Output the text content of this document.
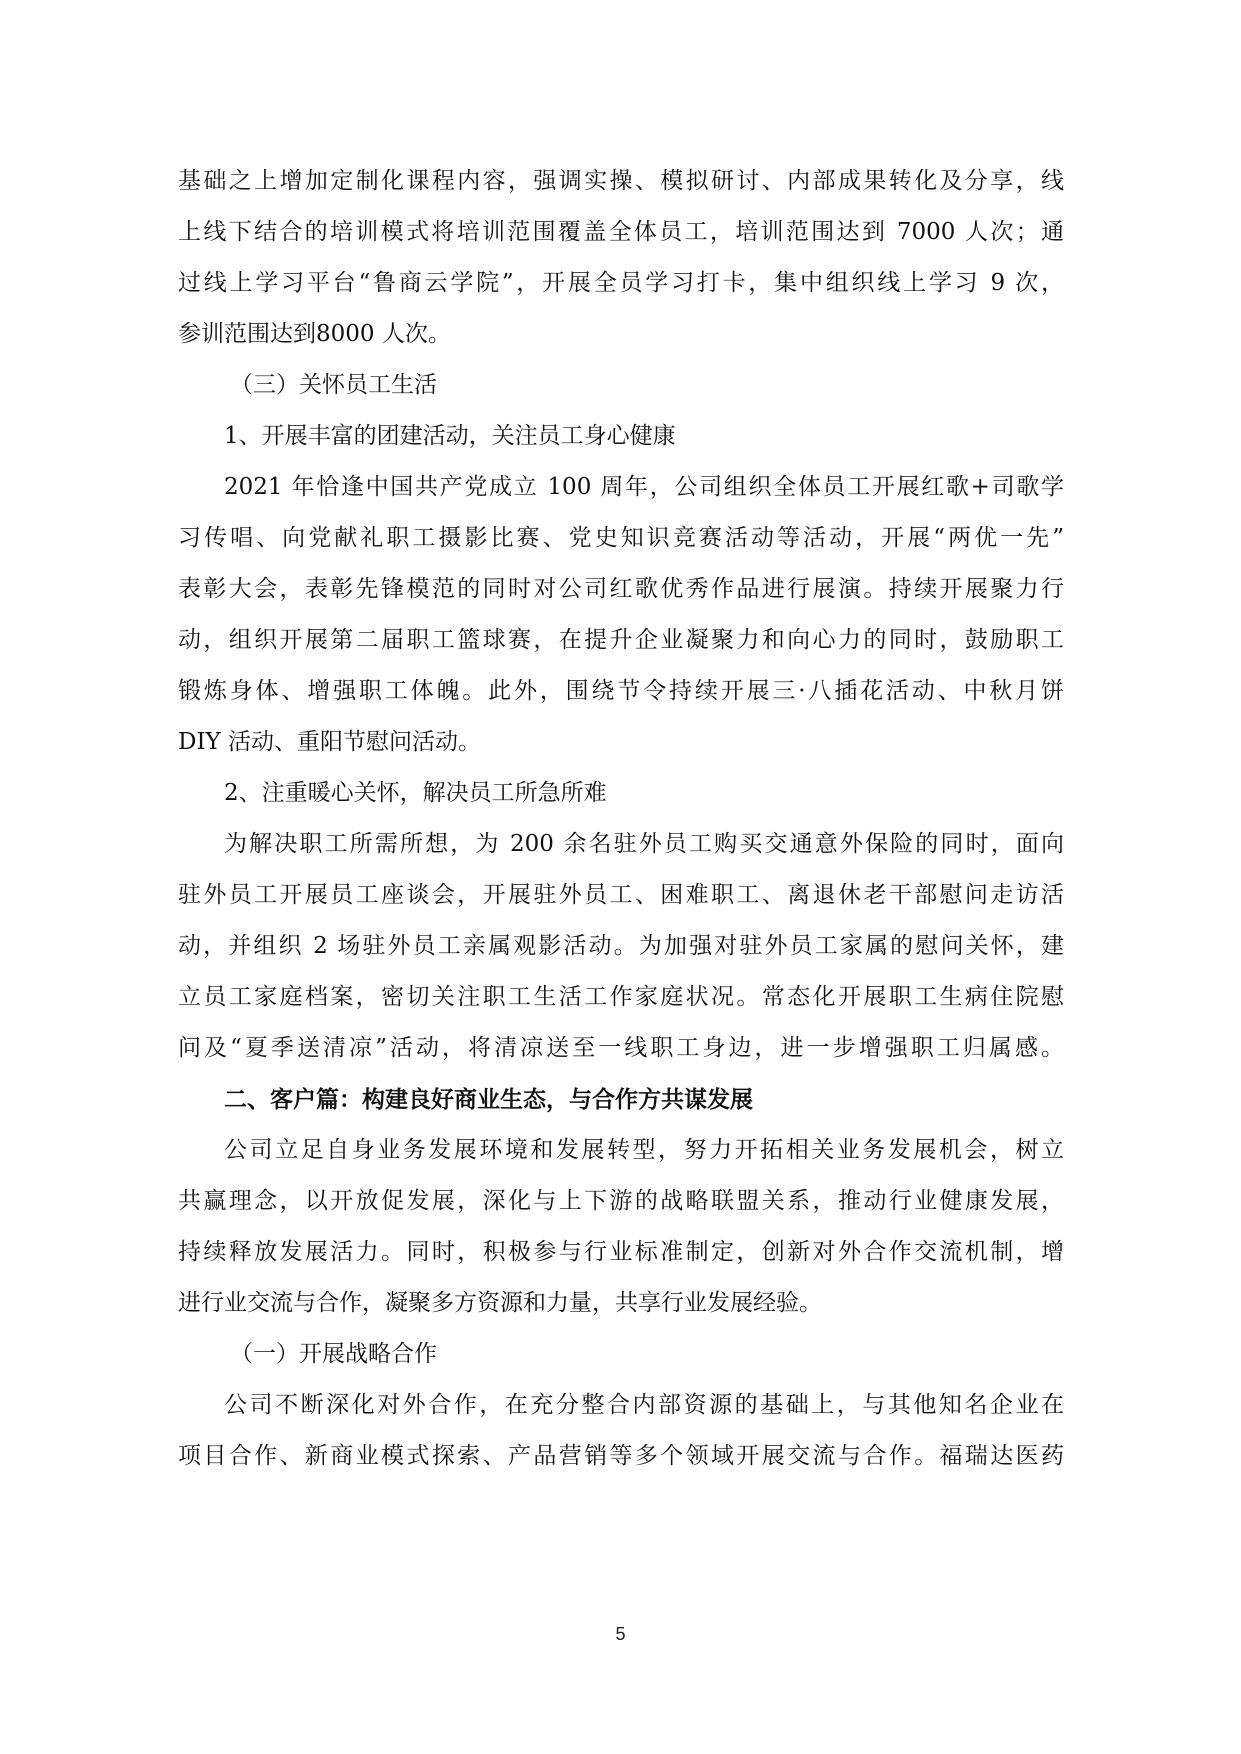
基础之上增加定制化课程内容，强调实操、模拟研讨、内部成果转化及分享，线
上线下结合的培训模式将培训范围覆盖全体员工，培训范围达到 7000 人次；通
过线上学习平台“鲁商云学院”，开展全员学习打卡，集中组织线上学习 9 次，
参训范围达到8000 人次。
（三）关怀员工生活
1、开展丰富的团建活动，关注员工身心健康
2021 年恰逢中国共产党成立 100 周年，公司组织全体员工开展红歌+司歌学
习传唱、向党献礼职工摄影比赛、党史知识竞赛活动等活动，开展“两优一先”
表彰大会，表彰先锋模范的同时对公司红歌优秀作品进行展演。持续开展聚力行
动，组织开展第二届职工篮球赛，在提升企业凝聚力和向心力的同时，鼓励职工
锻炼身体、增强职工体魄。此外，围绕节令持续开展三·八插花活动、中秋月饼
DIY 活动、重阳节慰问活动。
2、注重暖心关怀，解决员工所急所难
为解决职工所需所想，为 200 余名驻外员工购买交通意外保险的同时，面向
驻外员工开展员工座谈会，开展驻外员工、困难职工、离退休老干部慰问走访活
动，并组织 2 场驻外员工亲属观影活动。为加强对驻外员工家属的慰问关怀，建
立员工家庭档案，密切关注职工生活工作家庭状况。常态化开展职工生病住院慰
问及“夏季送清凉”活动，将清凉送至一线职工身边，进一步增强职工归属感。
二、客户篇：构建良好商业生态，与合作方共谋发展
公司立足自身业务发展环境和发展转型，努力开拓相关业务发展机会，树立
共赢理念，以开放促发展，深化与上下游的战略联盟关系，推动行业健康发展，
持续释放发展活力。同时，积极参与行业标准制定，创新对外合作交流机制，增
进行业交流与合作，凝聚多方资源和力量，共享行业发展经验。
（一）开展战略合作
公司不断深化对外合作，在充分整合内部资源的基础上，与其他知名企业在
项目合作、新商业模式探索、产品营销等多个领域开展交流与合作。福瑞达医药
5
